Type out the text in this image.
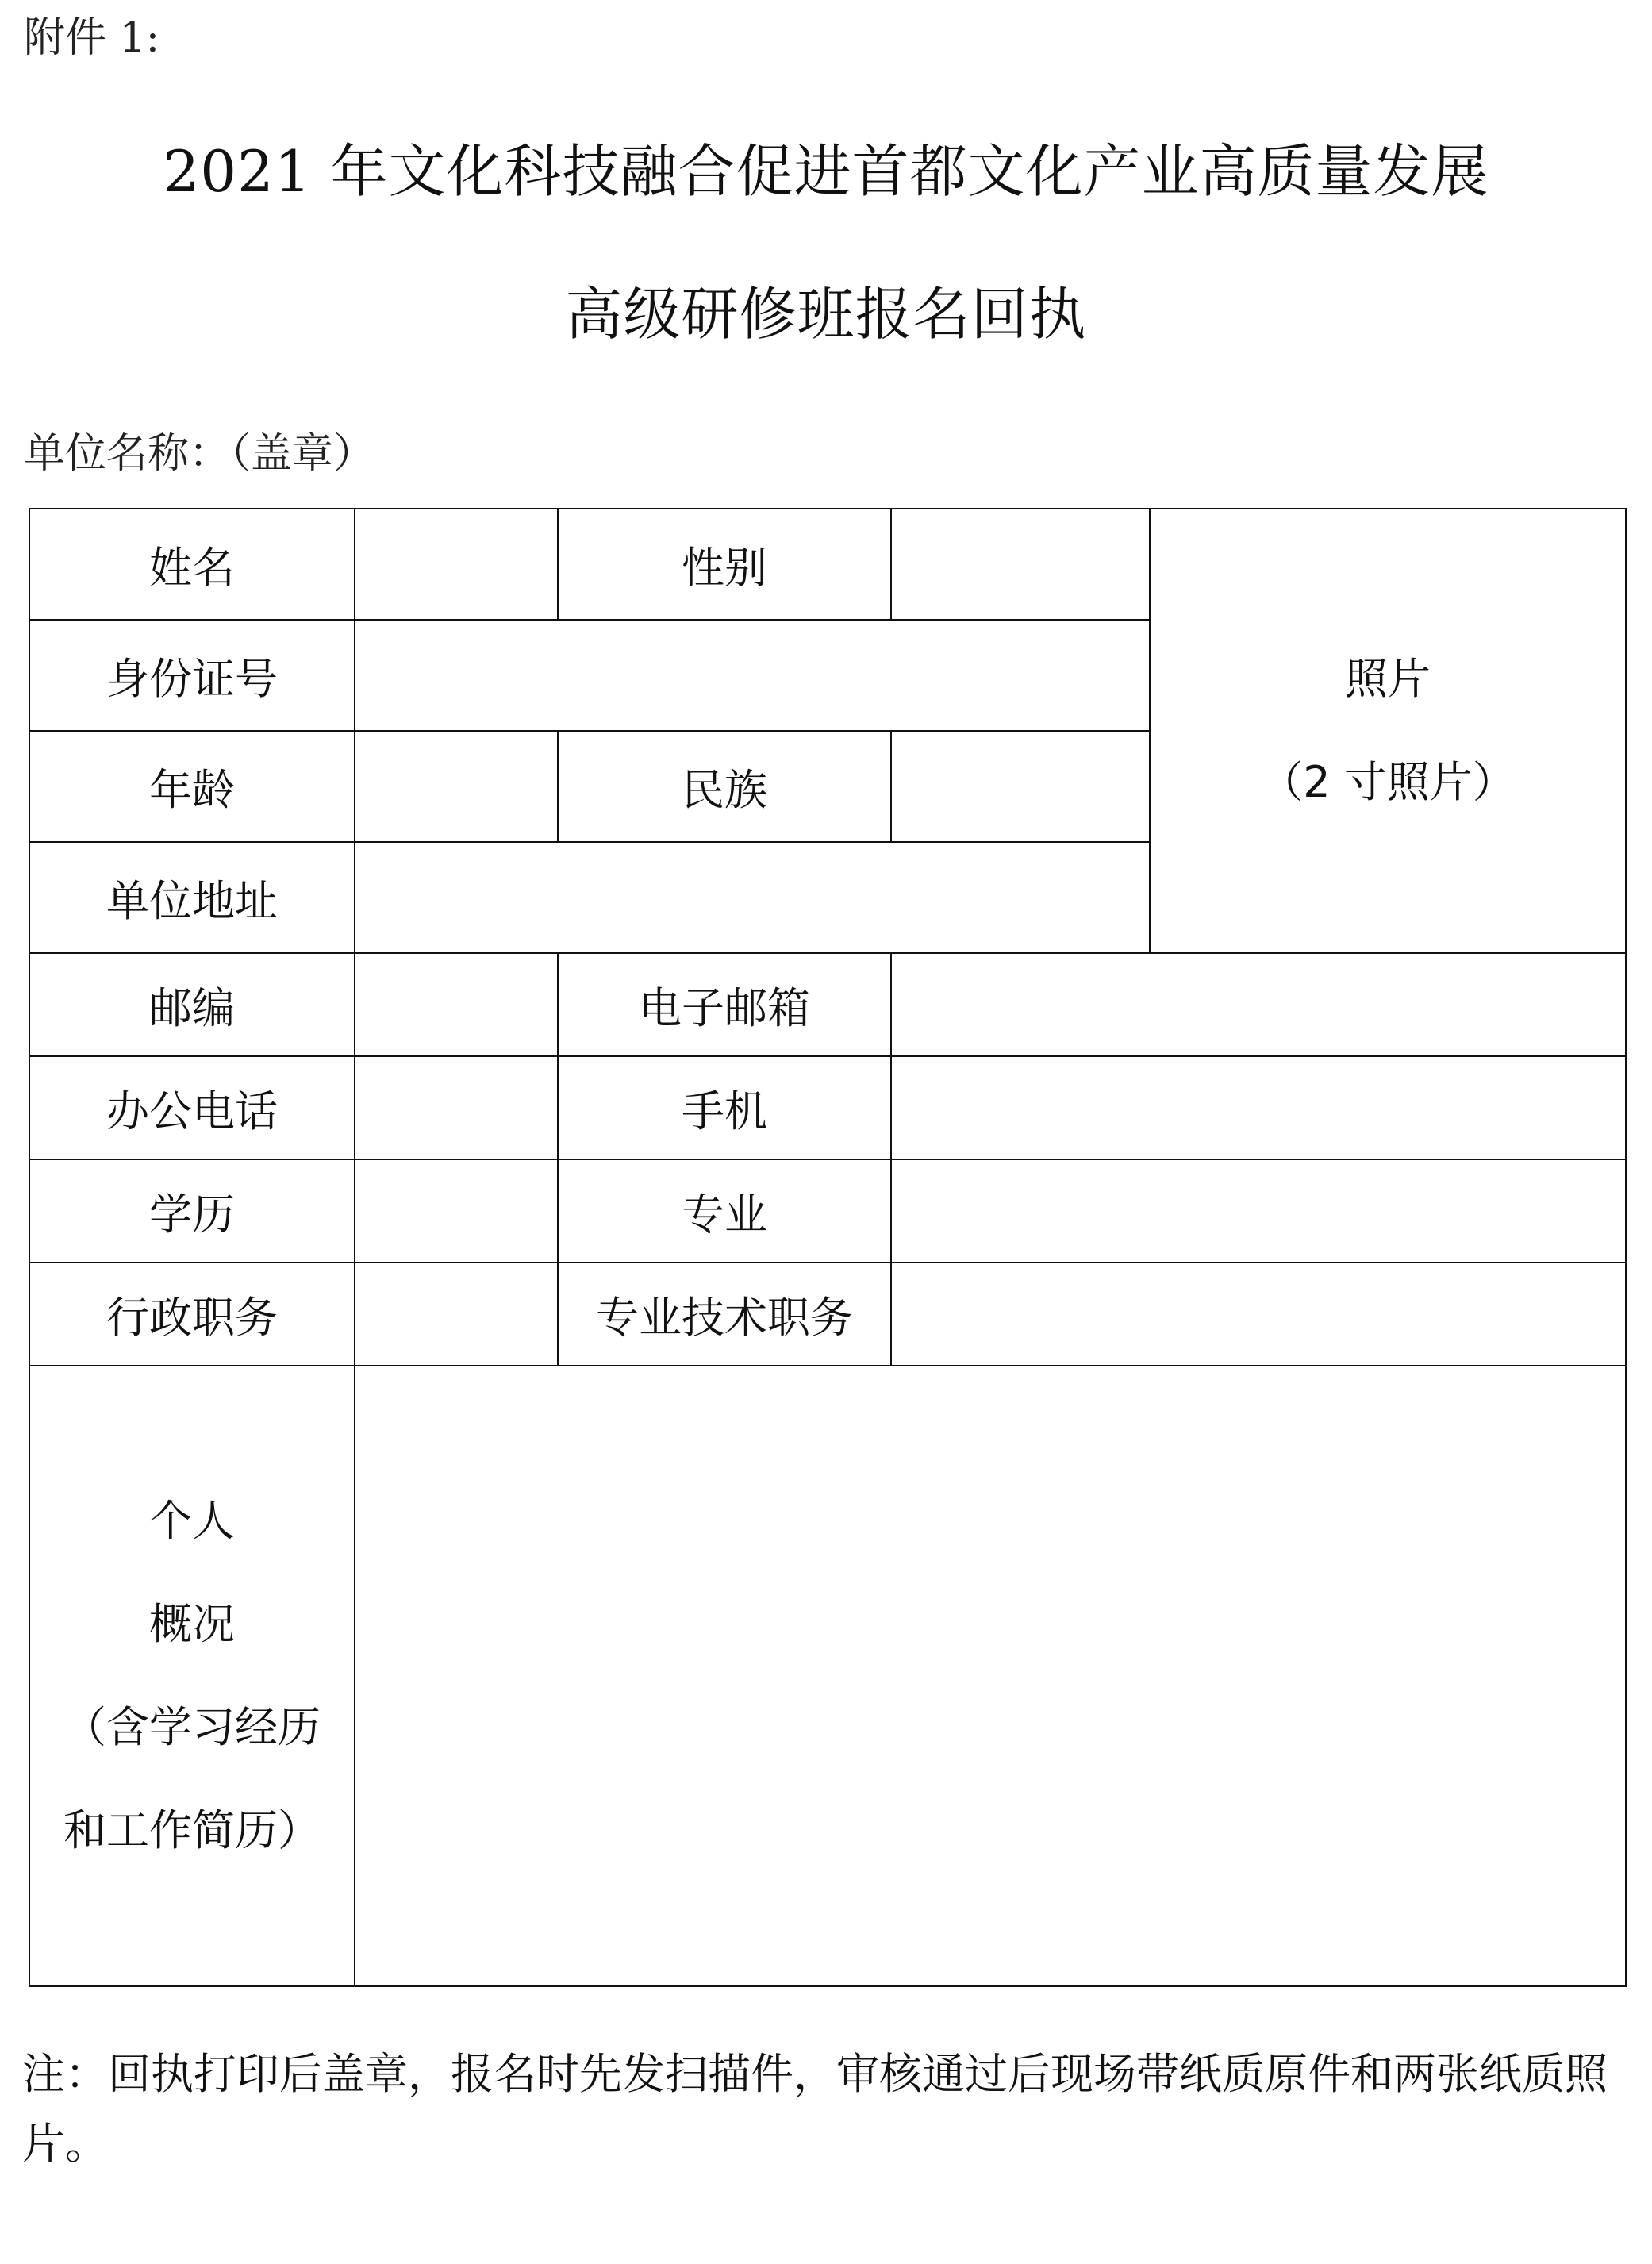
附件 1:
2021 年文化科技融合促进首都文化产业高质量发展
高级研修班报名回执
单位名称：（盖章）
姓名		性别		照片
（2 寸照片）

身份证号				
年龄		民族		
单位地址				
邮编		电子邮箱		
办公电话		手机		
学历		专业		
行政职务		专业技术职务		

个人
概况
（含学习经历
和工作简历）				

注：回执打印后盖章，报名时先发扫描件，审核通过后现场带纸质原件和两张纸质照片。
